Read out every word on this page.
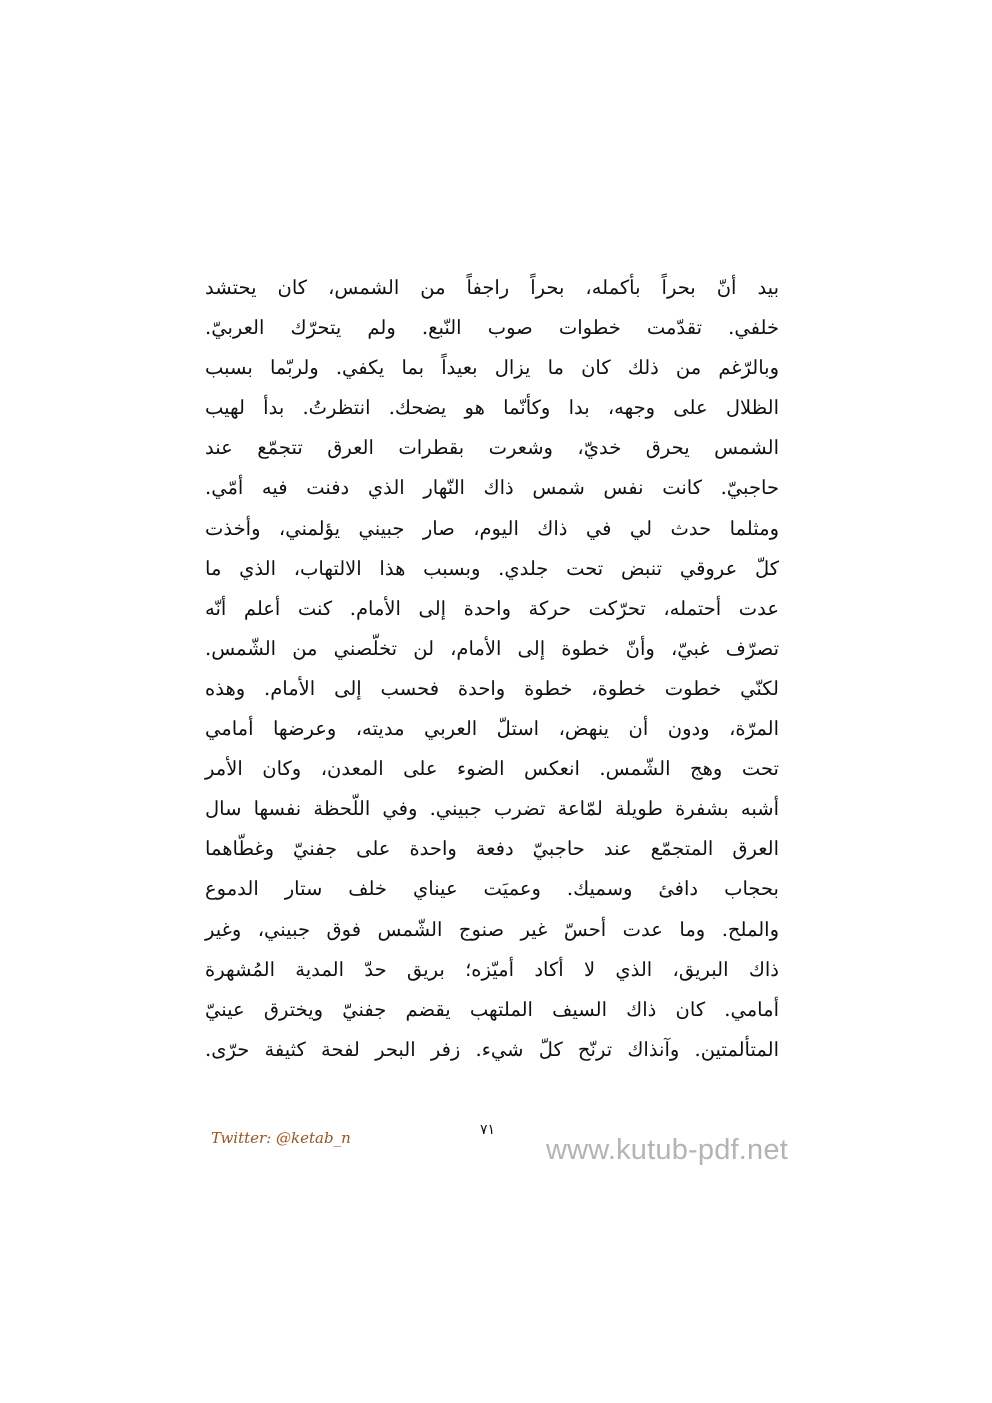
بيد أنّ بحراً بأكمله، بحراً راجفاً من الشمس، كان يحتشد
خلفي. تقدّمت خطوات صوب النّبع. ولم يتحرّك العربيّ.
وبالرّغم من ذلك كان ما يزال بعيداً بما يكفي. ولربّما بسبب
الظلال على وجهه، بدا وكأنّما هو يضحك. انتظرتُ. بدأ لهيب
الشمس يحرق خديّ، وشعرت بقطرات العرق تتجمّع عند
حاجبيّ. كانت نفس شمس ذاك النّهار الذي دفنت فيه أمّي.
ومثلما حدث لي في ذاك اليوم، صار جبيني يؤلمني، وأخذت
كلّ عروقي تنبض تحت جلدي. وبسبب هذا الالتهاب، الذي ما
عدت أحتمله، تحرّكت حركة واحدة إلى الأمام. كنت أعلم أنّه
تصرّف غبيّ، وأنّ خطوة إلى الأمام، لن تخلّصني من الشّمس.
لكنّي خطوت خطوة، خطوة واحدة فحسب إلى الأمام. وهذه
المرّة، ودون أن ينهض، استلّ العربي مديته، وعرضها أمامي
تحت وهج الشّمس. انعكس الضوء على المعدن، وكان الأمر
أشبه بشفرة طويلة لمّاعة تضرب جبيني. وفي اللّحظة نفسها سال
العرق المتجمّع عند حاجبيّ دفعة واحدة على جفنيّ وغطّاهما
بحجاب دافئ وسميك. وعميَت عيناي خلف ستار الدموع
والملح. وما عدت أحسّ غير صنوج الشّمس فوق جبيني، وغير
ذاك البريق، الذي لا أكاد أميّزه؛ بريق حدّ المدية المُشهرة
أمامي. كان ذاك السيف الملتهب يقضم جفنيّ ويخترق عينيّ
المتألمتين. وآنذاك ترنّح كلّ شيء. زفر البحر لفحة كثيفة حرّى.
Twitter: @ketab_n	٧١
www.kutub-pdf.net
